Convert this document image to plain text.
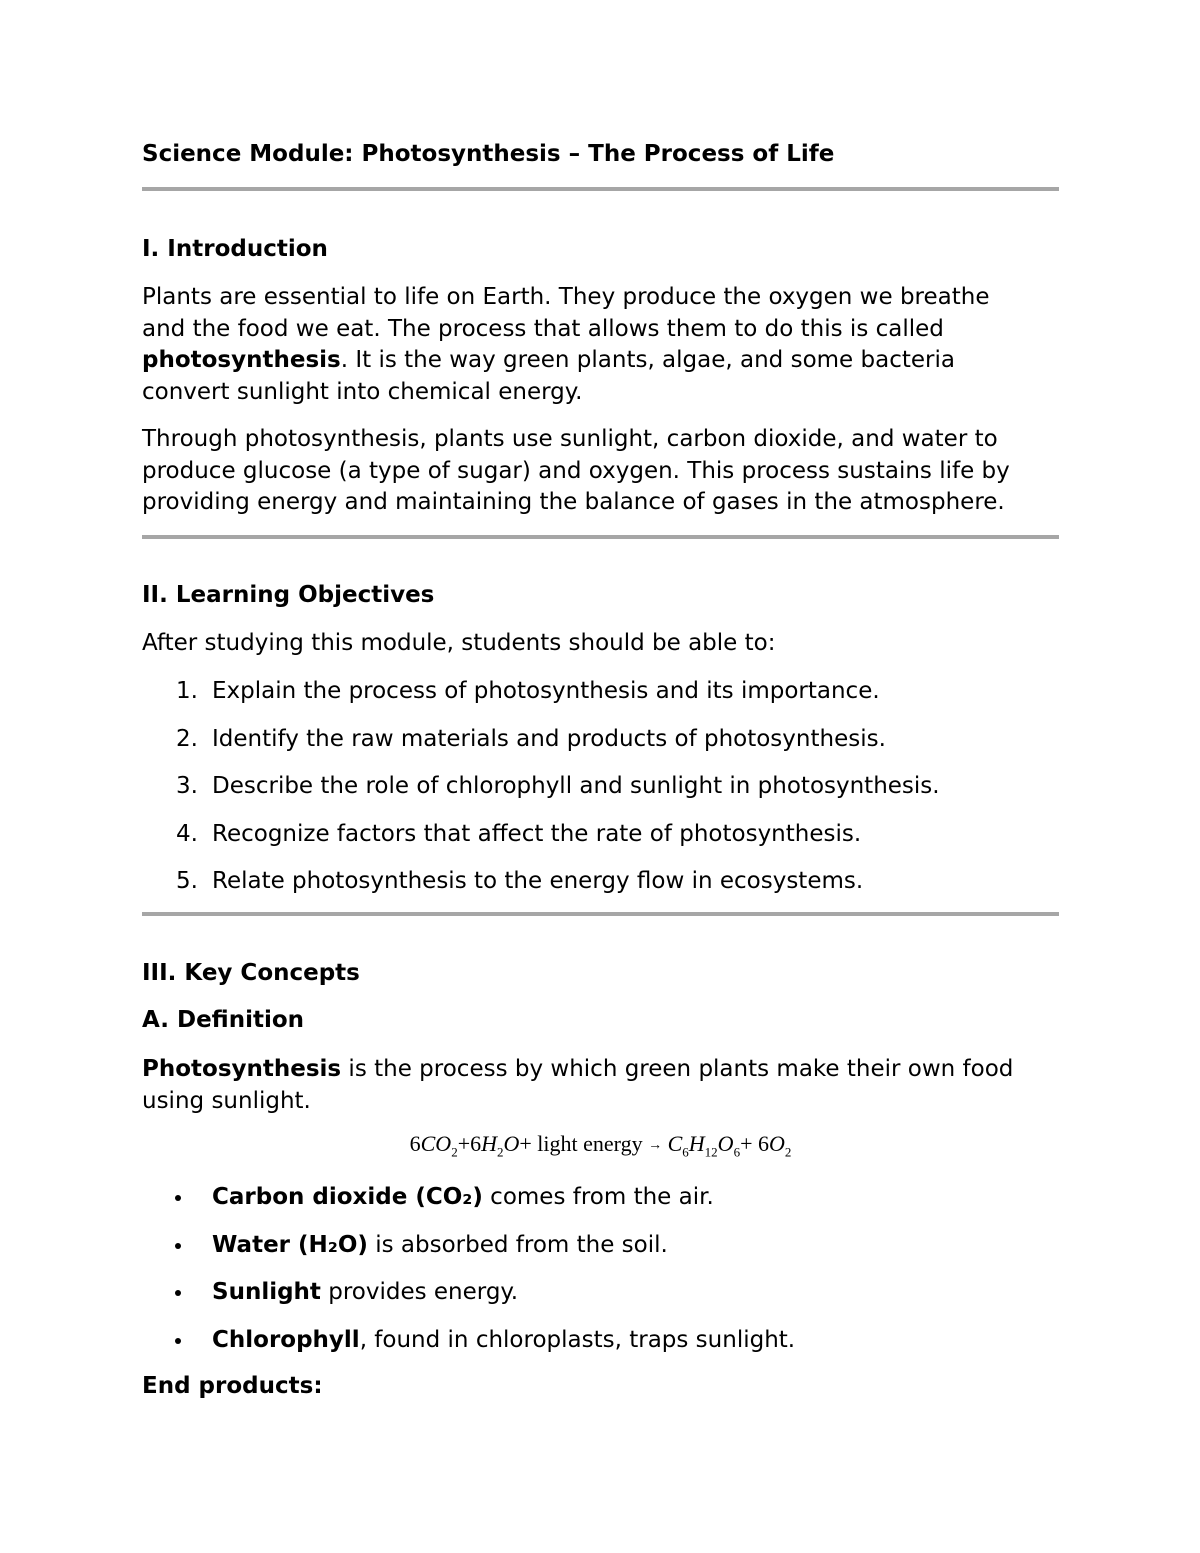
Science Module: Photosynthesis – The Process of Life
I. Introduction
Plants are essential to life on Earth. They produce the oxygen we breathe
and the food we eat. The process that allows them to do this is called
photosynthesis. It is the way green plants, algae, and some bacteria
convert sunlight into chemical energy.
Through photosynthesis, plants use sunlight, carbon dioxide, and water to
produce glucose (a type of sugar) and oxygen. This process sustains life by
providing energy and maintaining the balance of gases in the atmosphere.
II. Learning Objectives
After studying this module, students should be able to:
1. Explain the process of photosynthesis and its importance.
2. Identify the raw materials and products of photosynthesis.
3. Describe the role of chlorophyll and sunlight in photosynthesis.
4. Recognize factors that affect the rate of photosynthesis.
5. Relate photosynthesis to the energy flow in ecosystems.
III. Key Concepts
A. Definition
Photosynthesis is the process by which green plants make their own food
using sunlight.
$6CO_2+6H_2O+$ light energy → $C_6H_{12}O_6+ 6O_2$
Carbon dioxide (CO₂) comes from the air.
Water (H₂O) is absorbed from the soil.
Sunlight provides energy.
Chlorophyll, found in chloroplasts, traps sunlight.
End products:
